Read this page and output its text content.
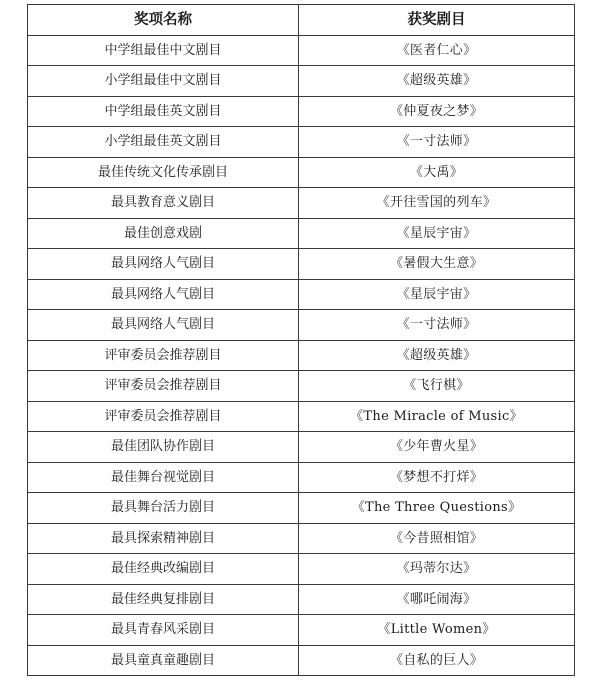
奖项名称	获奖剧目
中学组最佳中文剧目	《医者仁心》
小学组最佳中文剧目	《超级英雄》
中学组最佳英文剧目	《仲夏夜之梦》
小学组最佳英文剧目	《一寸法师》
最佳传统文化传承剧目	《大禹》
最具教育意义剧目	《开往雪国的列车》
最佳创意戏剧	《星辰宇宙》
最具网络人气剧目	《暑假大生意》
最具网络人气剧目	《星辰宇宙》
最具网络人气剧目	《一寸法师》
评审委员会推荐剧目	《超级英雄》
评审委员会推荐剧目	《飞行棋》
评审委员会推荐剧目	《The Miracle of Music》
最佳团队协作剧目	《少年曹火星》
最佳舞台视觉剧目	《梦想不打烊》
最具舞台活力剧目	《The Three Questions》
最具探索精神剧目	《今昔照相馆》
最佳经典改编剧目	《玛蒂尔达》
最佳经典复排剧目	《哪吒闹海》
最具青春风采剧目	《Little Women》
最具童真童趣剧目	《自私的巨人》
